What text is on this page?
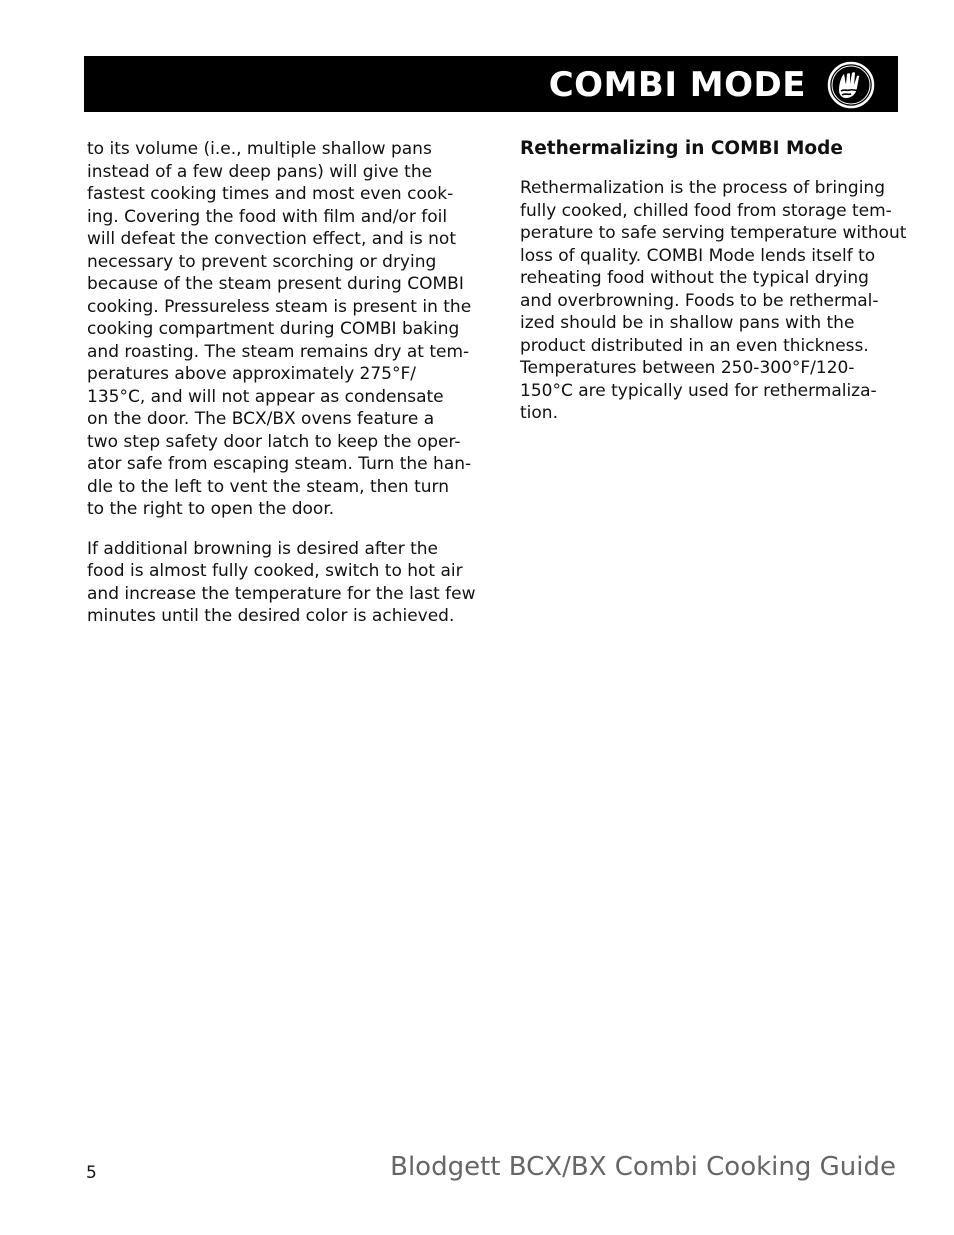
COMBI MODE

to its volume (i.e., multiple shallow pans
instead of a few deep pans) will give the
fastest cooking times and most even cook-
ing. Covering the food with film and/or foil
will defeat the convection effect, and is not
necessary to prevent scorching or drying
because of the steam present during COMBI
cooking. Pressureless steam is present in the
cooking compartment during COMBI baking
and roasting. The steam remains dry at tem-
peratures above approximately 275°F/
135°C, and will not appear as condensate
on the door. The BCX/BX ovens feature a
two step safety door latch to keep the oper-
ator safe from escaping steam. Turn the han-
dle to the left to vent the steam, then turn
to the right to open the door.

If additional browning is desired after the
food is almost fully cooked, switch to hot air
and increase the temperature for the last few
minutes until the desired color is achieved.

Rethermalizing in COMBI Mode

Rethermalization is the process of bringing
fully cooked, chilled food from storage tem-
perature to safe serving temperature without
loss of quality. COMBI Mode lends itself to
reheating food without the typical drying
and overbrowning. Foods to be rethermal-
ized should be in shallow pans with the
product distributed in an even thickness.
Temperatures between 250-300°F/120-
150°C are typically used for rethermaliza-
tion.

5	Blodgett BCX/BX Combi Cooking Guide
